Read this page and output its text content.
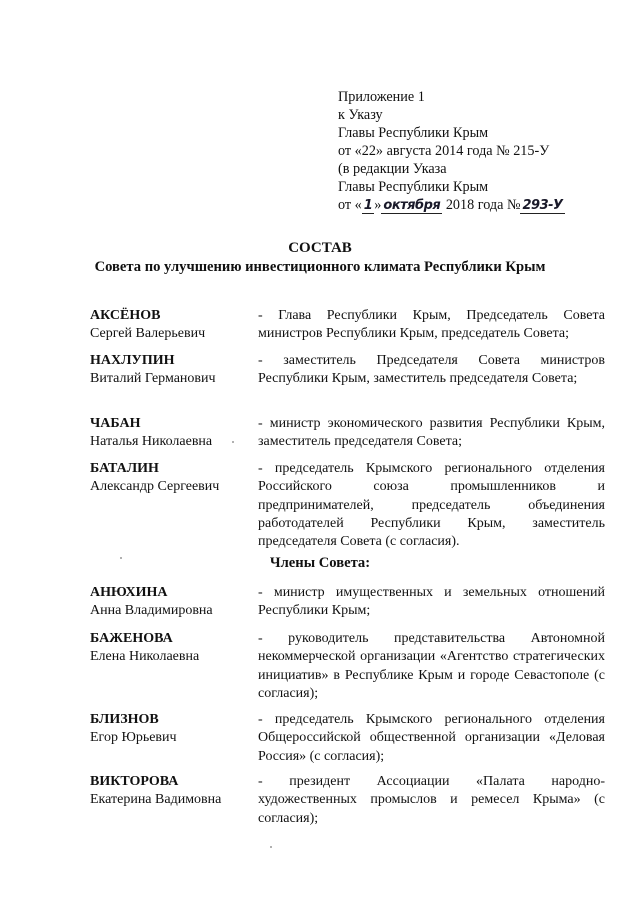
Приложение 1
к Указу
Главы Республики Крым
от «22» августа 2014 года № 215-У
(в редакции Указа
Главы Республики Крым
от « 1 » октября 2018 года № 293-У
СОСТАВ
Совета по улучшению инвестиционного климата Республики Крым
АКСЁНОВ
Сергей Валерьевич
- Глава Республики Крым, Председатель Совета министров Республики Крым, председатель Совета;
НАХЛУПИН
Виталий Германович
- заместитель Председателя Совета министров Республики Крым, заместитель председателя Совета;
ЧАБАН
Наталья Николаевна
- министр экономического развития Республики Крым, заместитель председателя Совета;
БАТАЛИН
Александр Сергеевич
- председатель Крымского регионального отделения Российского союза промышленников и предпринимателей, председатель объединения работодателей Республики Крым, заместитель председателя Совета (с согласия).
Члены Совета:
АНЮХИНА
Анна Владимировна
- министр имущественных и земельных отношений Республики Крым;
БАЖЕНОВА
Елена Николаевна
- руководитель представительства Автономной некоммерческой организации «Агентство стратегических инициатив» в Республике Крым и городе Севастополе (с согласия);
БЛИЗНОВ
Егор Юрьевич
- председатель Крымского регионального отделения Общероссийской общественной организации «Деловая Россия» (с согласия);
ВИКТОРОВА
Екатерина Вадимовна
- президент Ассоциации «Палата народно-художественных промыслов и ремесел Крыма» (с согласия);
